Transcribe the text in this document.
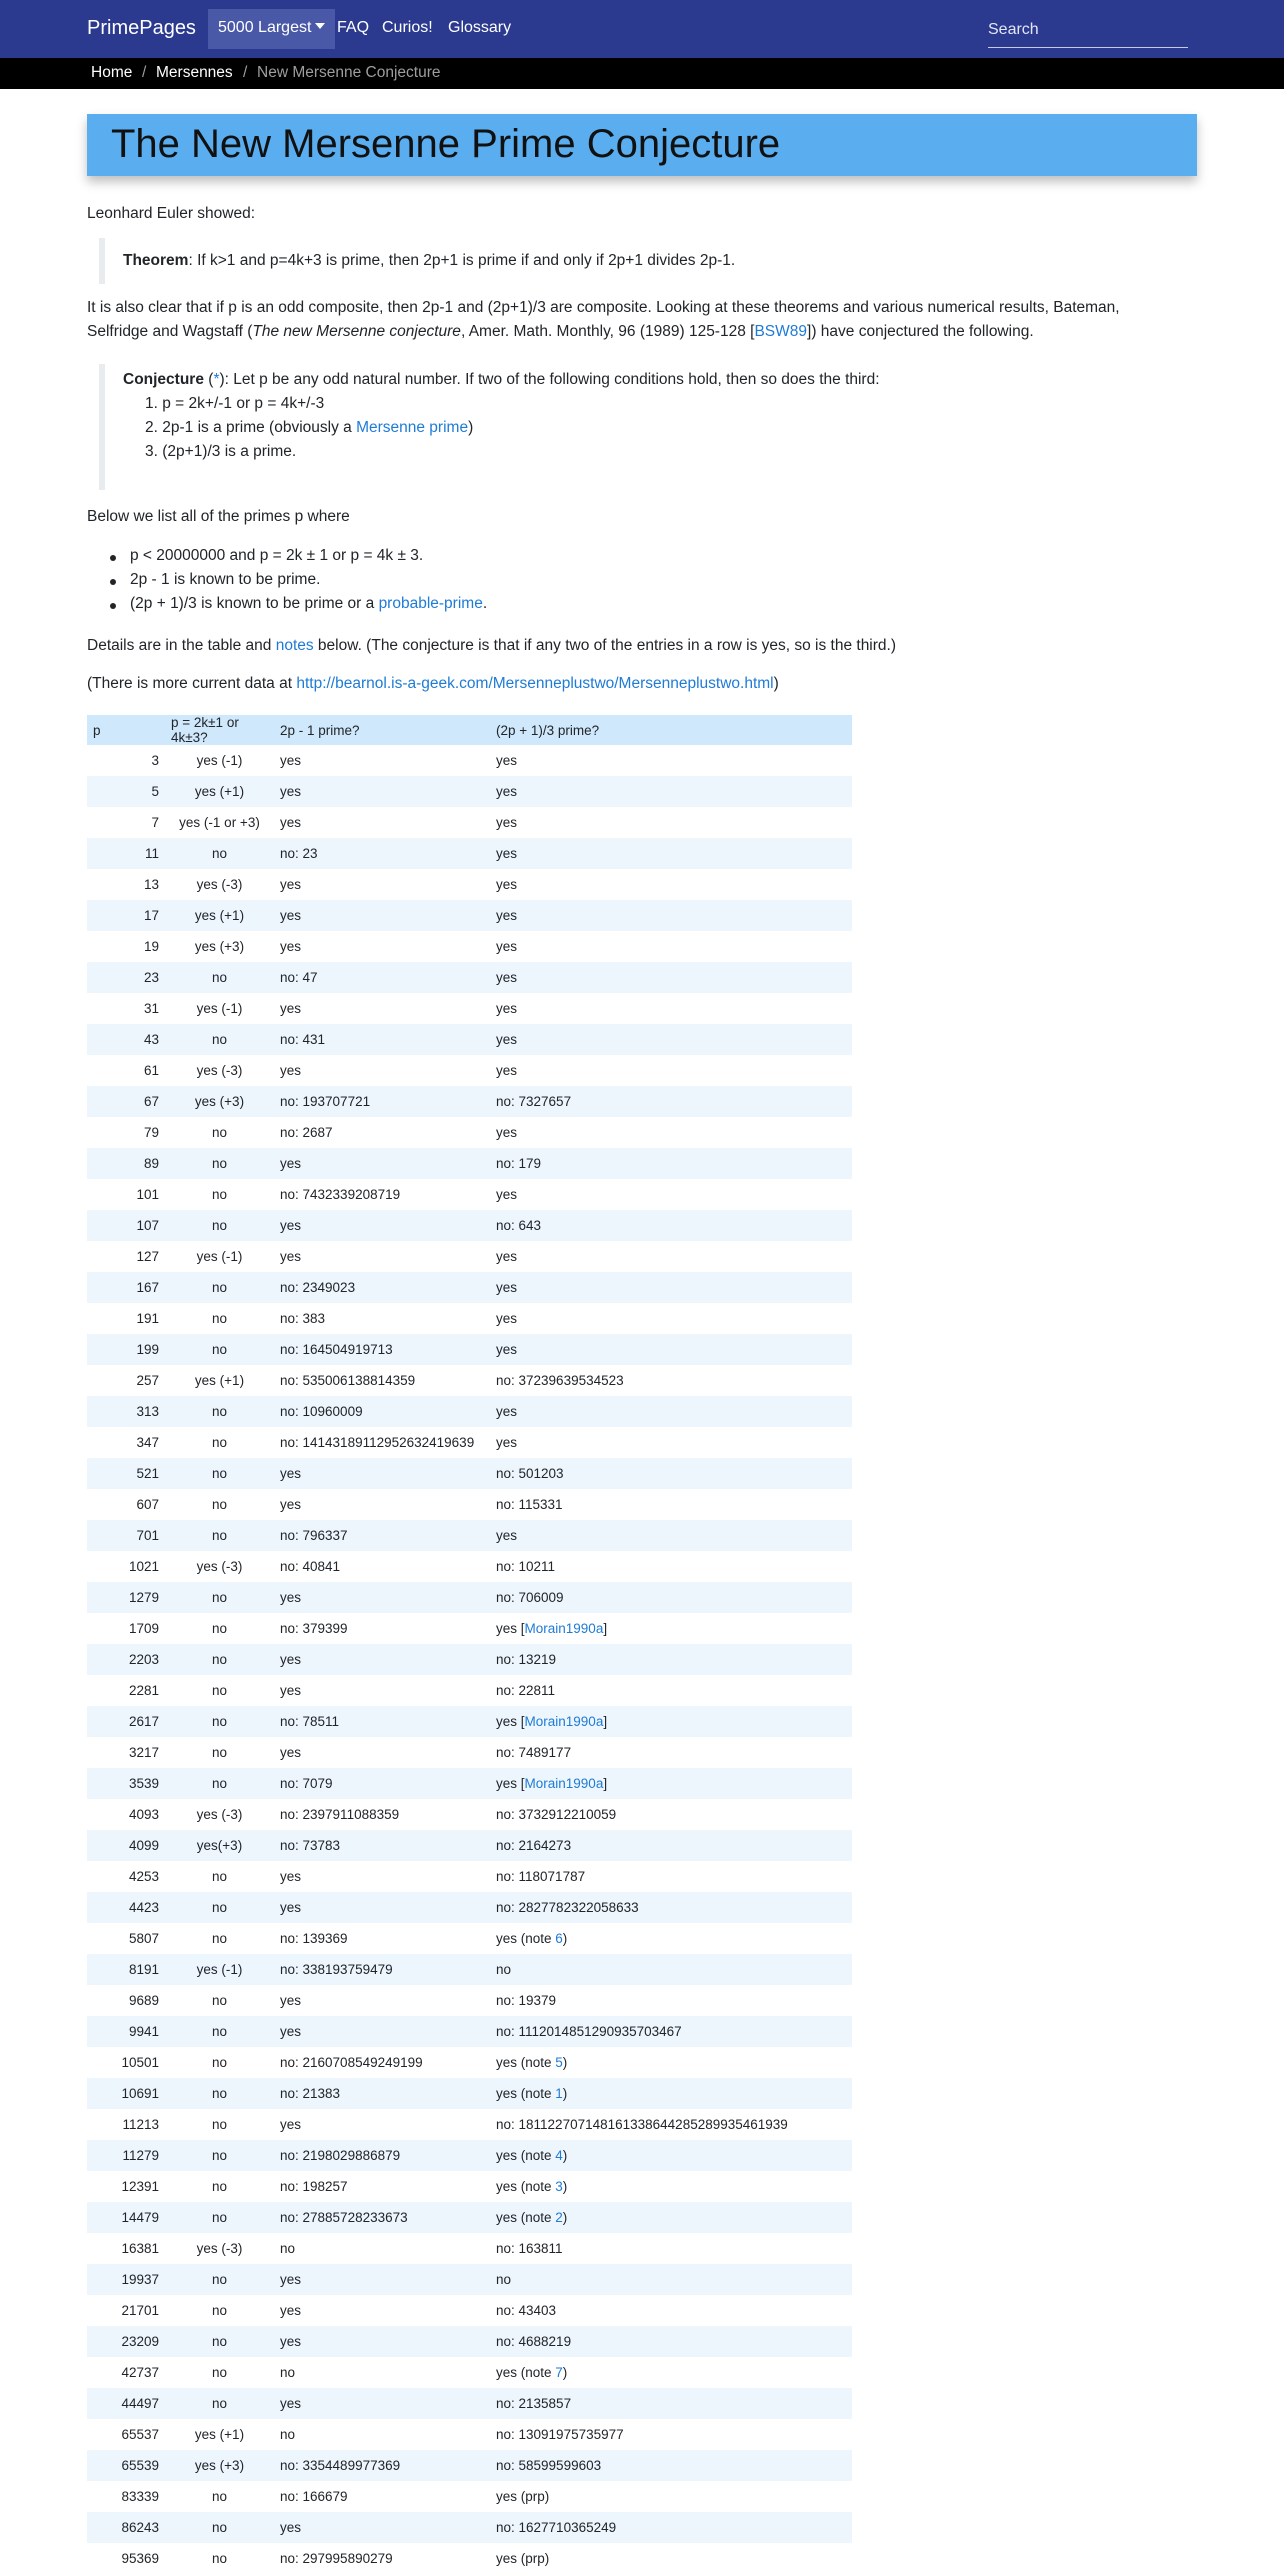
PrimePages	5000 Largest	FAQ Curios! Glossary
Search
Home / Mersennes / New Mersenne Conjecture
The New Mersenne Prime Conjecture
Leonhard Euler showed:
Theorem: If k>1 and p=4k+3 is prime, then 2p+1 is prime if and only if 2p+1 divides 2p-1.
It is also clear that if p is an odd composite, then 2p-1 and (2p+1)/3 are composite. Looking at these theorems and various numerical results, Bateman,
Selfridge and Wagstaff (The new Mersenne conjecture, Amer. Math. Monthly, 96 (1989) 125-128 [BSW89]) have conjectured the following.
Conjecture (*): Let p be any odd natural number. If two of the following conditions hold, then so does the third:
1. p = 2k+/-1 or p = 4k+/-3
2. 2p-1 is a prime (obviously a Mersenne prime)
3. (2p+1)/3 is a prime.
Below we list all of the primes p where
p < 20000000 and p = 2k ± 1 or p = 4k ± 3.
2p - 1 is known to be prime.
(2p + 1)/3 is known to be prime or a probable-prime.
Details are in the table and notes below. (The conjecture is that if any two of the entries in a row is yes, so is the third.)
(There is more current data at http://bearnol.is-a-geek.com/Mersenneplustwo/Mersenneplustwo.html)
p	p = 2k±1 or 4k±3?	2p - 1 prime?	(2p + 1)/3 prime?
3	yes (-1)	yes	yes
5	yes (+1)	yes	yes
7	yes (-1 or +3)	yes	yes
11	no	no: 23	yes
13	yes (-3)	yes	yes
17	yes (+1)	yes	yes
19	yes (+3)	yes	yes
23	no	no: 47	yes
31	yes (-1)	yes	yes
43	no	no: 431	yes
61	yes (-3)	yes	yes
67	yes (+3)	no: 193707721	no: 7327657
79	no	no: 2687	yes
89	no	yes	no: 179
101	no	no: 7432339208719	yes
107	no	yes	no: 643
127	yes (-1)	yes	yes
167	no	no: 2349023	yes
191	no	no: 383	yes
199	no	no: 164504919713	yes
257	yes (+1)	no: 535006138814359	no: 37239639534523
313	no	no: 10960009	yes
347	no	no: 14143189112952632419639	yes
521	no	yes	no: 501203
607	no	yes	no: 115331
701	no	no: 796337	yes
1021	yes (-3)	no: 40841	no: 10211
1279	no	yes	no: 706009
1709	no	no: 379399	yes [Morain1990a]
2203	no	yes	no: 13219
2281	no	yes	no: 22811
2617	no	no: 78511	yes [Morain1990a]
3217	no	yes	no: 7489177
3539	no	no: 7079	yes [Morain1990a]
4093	yes (-3)	no: 2397911088359	no: 3732912210059
4099	yes(+3)	no: 73783	no: 2164273
4253	no	yes	no: 118071787
4423	no	yes	no: 2827782322058633
5807	no	no: 139369	yes (note 6)
8191	yes (-1)	no: 338193759479	no
9689	no	yes	no: 19379
9941	no	yes	no: 1112014851290935703467
10501	no	no: 2160708549249199	yes (note 5)
10691	no	no: 21383	yes (note 1)
11213	no	yes	no: 181122707148161338644285289935461939
11279	no	no: 2198029886879	yes (note 4)
12391	no	no: 198257	yes (note 3)
14479	no	no: 27885728233673	yes (note 2)
16381	yes (-3)	no	no: 163811
19937	no	yes	no
21701	no	yes	no: 43403
23209	no	yes	no: 4688219
42737	no	no	yes (note 7)
44497	no	yes	no: 2135857
65537	yes (+1)	no	no: 13091975735977
65539	yes (+3)	no: 3354489977369	no: 58599599603
83339	no	no: 166679	yes (prp)
86243	no	yes	no: 1627710365249
95369	no	no: 297995890279	yes (prp)
